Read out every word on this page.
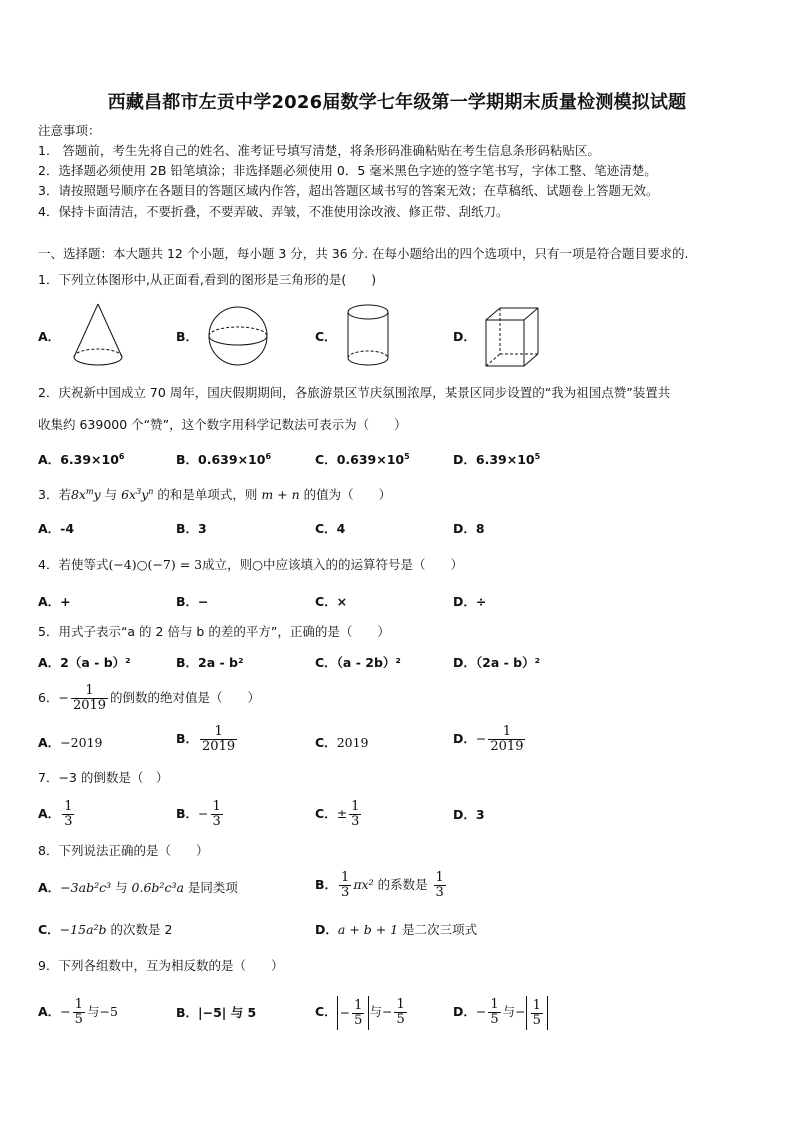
西藏昌都市左贡中学2026届数学七年级第一学期期末质量检测模拟试题
注意事项：
1.　答题前，考生先将自己的姓名、准考证号填写清楚，将条形码准确粘贴在考生信息条形码粘贴区。
2．选择题必须使用 2B 铅笔填涂；非选择题必须使用 0．5 毫米黑色字迹的签字笔书写，字体工整、笔迹清楚。
3．请按照题号顺序在各题目的答题区域内作答，超出答题区域书写的答案无效；在草稿纸、试题卷上答题无效。
4．保持卡面清洁，不要折叠，不要弄破、弄皱，不准使用涂改液、修正带、刮纸刀。
一、选择题：本大题共 12 个小题，每小题 3 分，共 36 分. 在每小题给出的四个选项中，只有一项是符合题目要求的.
1．下列立体图形中,从正面看,看到的图形是三角形的是(　　)
A．	B．	C．	D．
2．庆祝新中国成立 70 周年，国庆假期期间，各旅游景区节庆氛围浓厚，某景区同步设置的“我为祖国点赞”装置共
收集约 639000 个“赞”，这个数字用科学记数法可表示为（　　）
A．$6.39\times 10^6$	B．$0.639\times 10^6$	C．$0.639\times 10^5$	D．$6.39\times 10^5$
3．若$8x^my$ 与 $6x^3y^n$ 的和是单项式，则 m + n 的值为（　　）
A．-4	B．3	C．4	D．8
4．若使等式(−4)○(−7) = 3成立，则○中应该填入的的运算符号是（　　）
A．+	B．−	C．×	D．÷
5．用式子表示“a 的 2 倍与 b 的差的平方”，正确的是（　　）
A．2（a - b）²	B．2a - b²	C．（a - 2b）²	D．（2a - b）²
6．− $\frac{1}{2019}$ 的倒数的绝对值是（　　）
A．−2019	B． $\frac{1}{2019}$	C．2019	D．− $\frac{1}{2019}$
7．−3 的倒数是（　）
A． $\frac{1}{3}$	B．− $\frac{1}{3}$	C．± $\frac{1}{3}$	D．3
8．下列说法正确的是（　　）
A．−3ab²c³ 与 0.6b²c³a 是同类项	B． $\frac{1}{3} \pi x^2$ 的系数是 $\frac{1}{3}$
C．−15a²b 的次数是 2	D．a + b + 1 是二次三项式
9．下列各组数中，互为相反数的是（　　）
A．− $\frac{1}{5}$ 与−5	B．|−5| 与 5	C． − $\frac{1}{5}$ 与− $\frac{1}{5}$	D．− $\frac{1}{5}$ 与− $\frac{1}{5}$
